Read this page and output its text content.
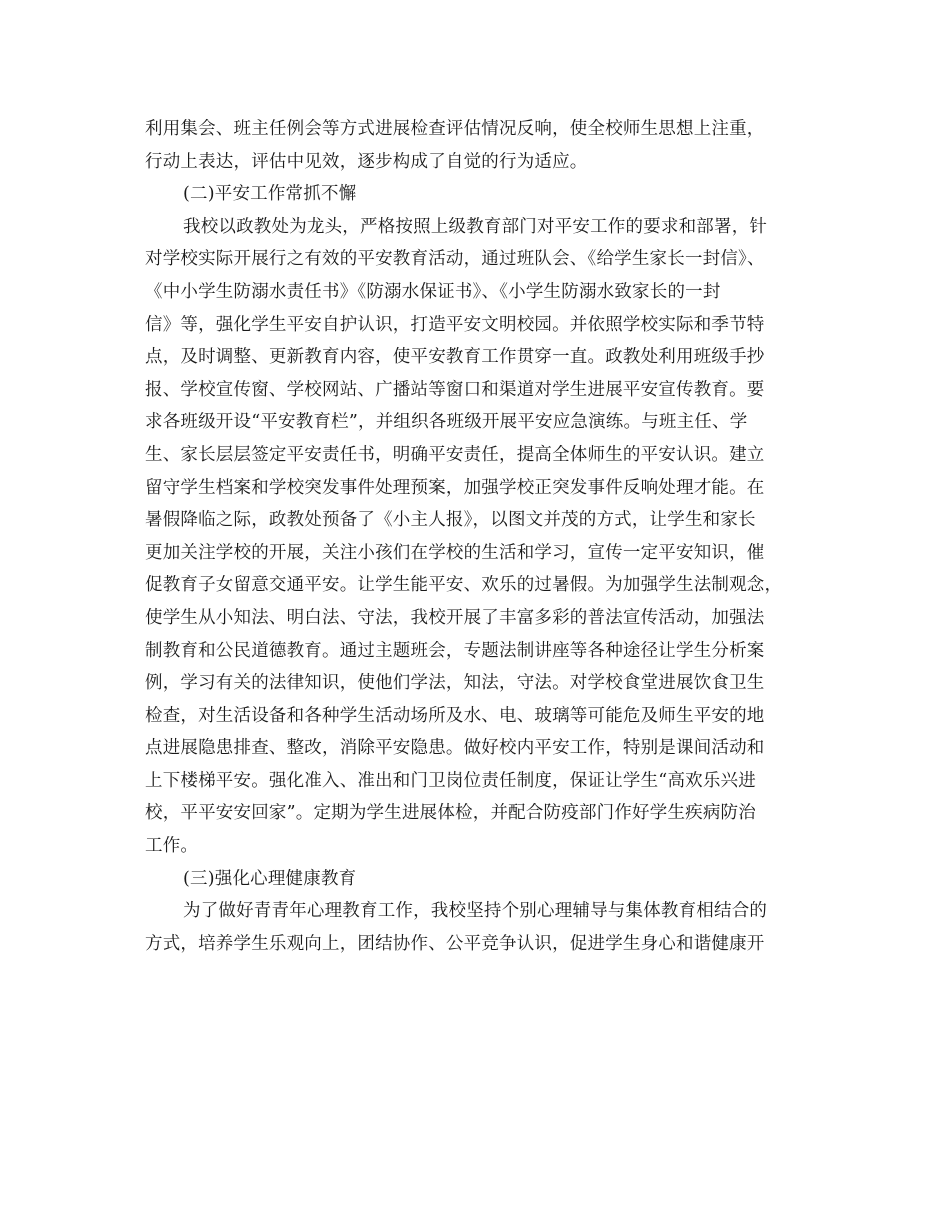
利用集会、班主任例会等方式进展检查评估情况反响，使全校师生思想上注重，
行动上表达，评估中见效，逐步构成了自觉的行为适应。
(二)平安工作常抓不懈
我校以政教处为龙头，严格按照上级教育部门对平安工作的要求和部署，针
对学校实际开展行之有效的平安教育活动，通过班队会、《给学生家长一封信》、
《中小学生防溺水责任书》《防溺水保证书》、《小学生防溺水致家长的一封
信》等，强化学生平安自护认识，打造平安文明校园。并依照学校实际和季节特
点，及时调整、更新教育内容，使平安教育工作贯穿一直。政教处利用班级手抄
报、学校宣传窗、学校网站、广播站等窗口和渠道对学生进展平安宣传教育。要
求各班级开设“平安教育栏”，并组织各班级开展平安应急演练。与班主任、学
生、家长层层签定平安责任书，明确平安责任，提高全体师生的平安认识。建立
留守学生档案和学校突发事件处理预案，加强学校正突发事件反响处理才能。在
暑假降临之际，政教处预备了《小主人报》，以图文并茂的方式，让学生和家长
更加关注学校的开展，关注小孩们在学校的生活和学习，宣传一定平安知识，催
促教育子女留意交通平安。让学生能平安、欢乐的过暑假。为加强学生法制观念，
使学生从小知法、明白法、守法，我校开展了丰富多彩的普法宣传活动，加强法
制教育和公民道德教育。通过主题班会，专题法制讲座等各种途径让学生分析案
例，学习有关的法律知识，使他们学法，知法，守法。对学校食堂进展饮食卫生
检查，对生活设备和各种学生活动场所及水、电、玻璃等可能危及师生平安的地
点进展隐患排查、整改，消除平安隐患。做好校内平安工作，特别是课间活动和
上下楼梯平安。强化准入、准出和门卫岗位责任制度，保证让学生“高欢乐兴进
校，平平安安回家”。定期为学生进展体检，并配合防疫部门作好学生疾病防治
工作。
(三)强化心理健康教育
为了做好青青年心理教育工作，我校坚持个别心理辅导与集体教育相结合的
方式，培养学生乐观向上，团结协作、公平竞争认识，促进学生身心和谐健康开
